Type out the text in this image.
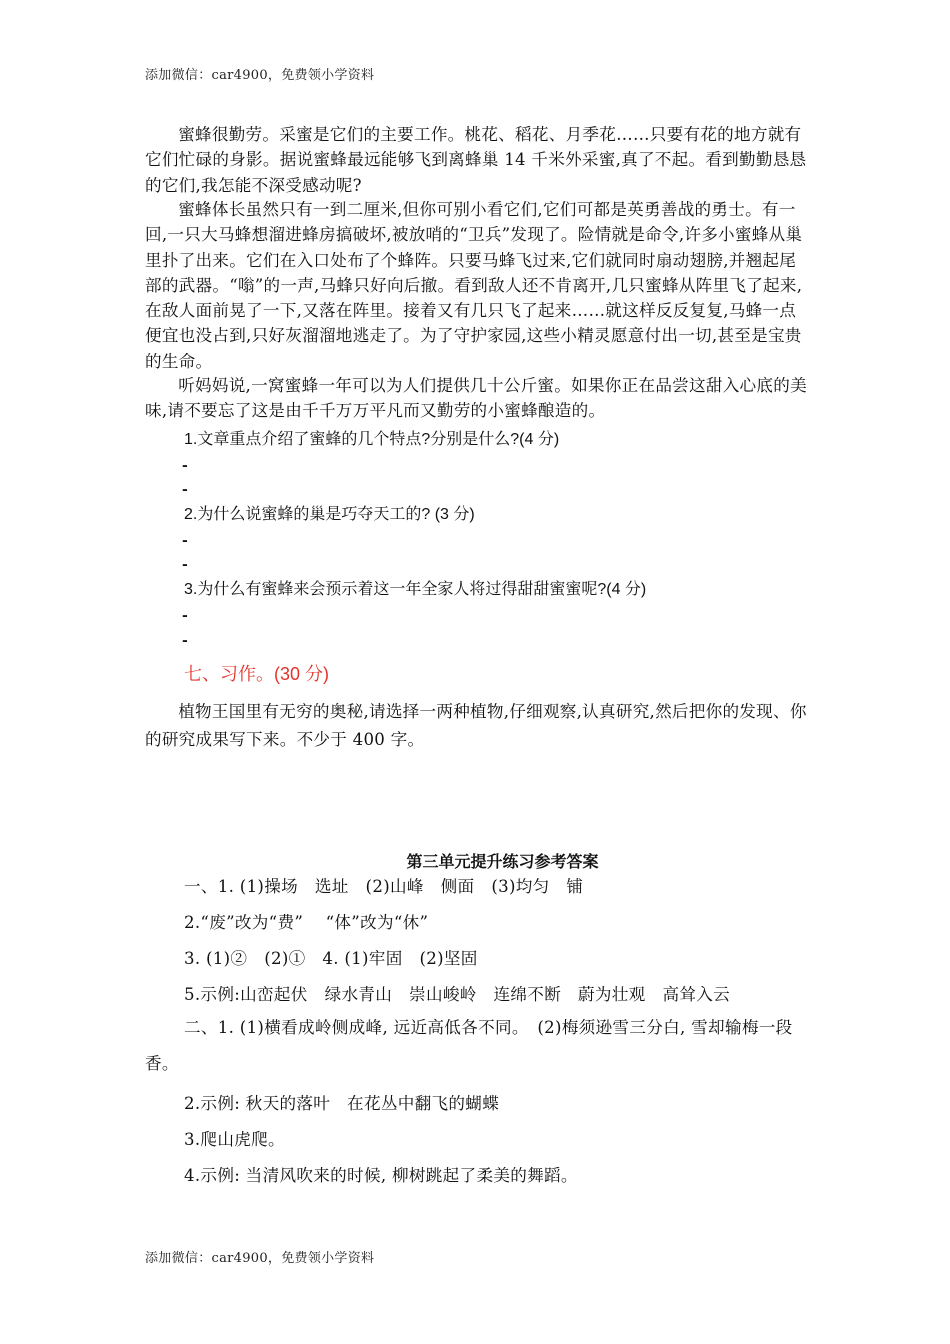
添加微信：car4900，免费领小学资料

蜜蜂很勤劳。采蜜是它们的主要工作。桃花、稻花、月季花……只要有花的地方就有它们忙碌的身影。据说蜜蜂最远能够飞到离蜂巢 14 千米外采蜜,真了不起。看到勤勤恳恳的它们,我怎能不深受感动呢?

蜜蜂体长虽然只有一到二厘米,但你可别小看它们,它们可都是英勇善战的勇士。有一回,一只大马蜂想溜进蜂房搞破坏,被放哨的“卫兵”发现了。险情就是命令,许多小蜜蜂从巢里扑了出来。它们在入口处布了个蜂阵。只要马蜂飞过来,它们就同时扇动翅膀,并翘起尾部的武器。“嗡”的一声,马蜂只好向后撤。看到敌人还不肯离开,几只蜜蜂从阵里飞了起来,在敌人面前晃了一下,又落在阵里。接着又有几只飞了起来……就这样反反复复,马蜂一点便宜也没占到,只好灰溜溜地逃走了。为了守护家园,这些小精灵愿意付出一切,甚至是宝贵的生命。

听妈妈说,一窝蜜蜂一年可以为人们提供几十公斤蜜。如果你正在品尝这甜入心底的美味,请不要忘了这是由千千万万平凡而又勤劳的小蜜蜂酿造的。

1.文章重点介绍了蜜蜂的几个特点?分别是什么?(4 分)

-
-

2.为什么说蜜蜂的巢是巧夺天工的? (3 分)

-
-

3.为什么有蜜蜂来会预示着这一年全家人将过得甜甜蜜蜜呢?(4 分)

-
-

七、习作。(30 分)

植物王国里有无穷的奥秘,请选择一两种植物,仔细观察,认真研究,然后把你的发现、你的研究成果写下来。不少于 400 字。

第三单元提升练习参考答案

一、1. (1)操场　选址　(2)山峰　侧面　(3)均匀　铺

2.“废”改为“费”　 “体”改为“休”

3. (1)②　(2)①　4. (1)牢固　(2)坚固

5.示例:山峦起伏　绿水青山　崇山峻岭　连绵不断　蔚为壮观　高耸入云

二、1. (1)横看成岭侧成峰, 远近高低各不同。　(2)梅须逊雪三分白, 雪却输梅一段香。

2.示例: 秋天的落叶　在花丛中翻飞的蝴蝶

3.爬山虎爬。

4.示例: 当清风吹来的时候, 柳树跳起了柔美的舞蹈。

添加微信：car4900，免费领小学资料
